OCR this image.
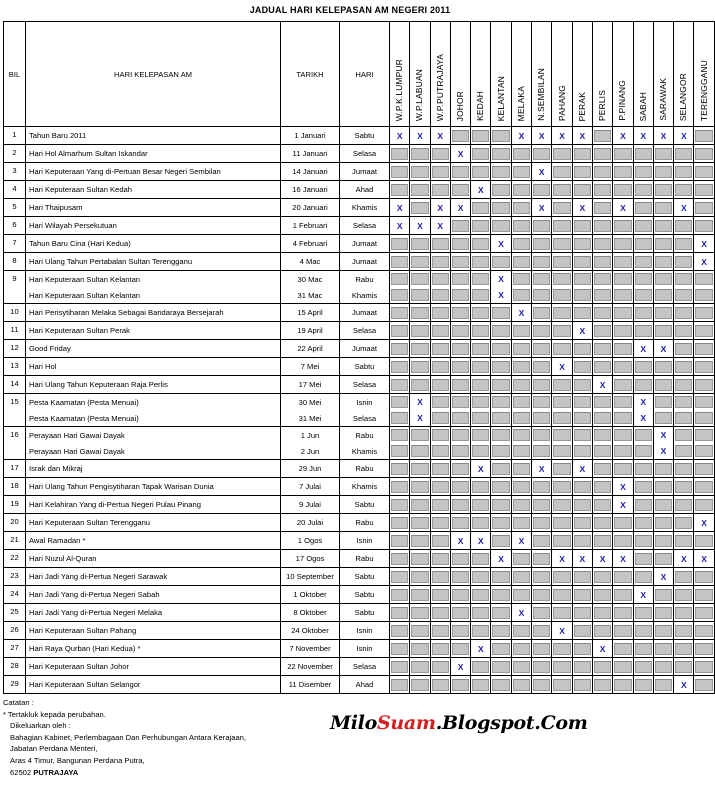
JADUAL HARI KELEPASAN AM NEGERI 2011
BIL	HARI KELEPASAN AM	TARIKH	HARI	W.P.K.LUMPUR	W.P.LABUAN	W.P.PUTRAJAYA	JOHOR	KEDAH	KELANTAN	MELAKA	N.SEMBILAN	PAHANG	PERAK	PERLIS	P.PINANG	SABAH	SARAWAK	SELANGOR	TERENGGANU
1	Tahun Baru 2011	1 Januari	Sabtu	X	X	X				X	X	X	X		X	X	X	X	

2	Hari Hol Almarhum Sultan Iskandar	11 Januari	Selasa				X												

3	Hari Keputeraan Yang di-Pertuan Besar Negeri Sembilan	14 Januari	Jumaat								X								

4	Hari Keputeraan Sultan Kedah	16 Januari	Ahad					X											

5	Hari Thaipusam	20 Januari	Khamis	X		X	X				X		X		X			X	

6	Hari Wilayah Persekutuan	1 Februari	Selasa	X	X	X													

7	Tahun Baru Cina (Hari Kedua)	4 Februari	Jumaat						X										X

8	Hari Ulang Tahun Pertabalan Sultan Terengganu	4 Mac	Jumaat																X

9	Hari Keputeraan Sultan Kelantan	30 Mac	Rabu						X										

	Hari Keputeraan Sultan Kelantan	31 Mac	Khamis						X										

10	Hari Perisytiharan Melaka Sebagai Bandaraya Bersejarah	15 April	Jumaat							X									

11	Hari Keputeraan Sultan Perak	19 April	Selasa										X						

12	Good Friday	22 April	Jumaat													X	X		

13	Hari Hol	7 Mei	Sabtu									X							

14	Hari Ulang Tahun Keputeraan Raja Perlis	17 Mei	Selasa											X					

15	Pesta Kaamatan (Pesta Menuai)	30 Mei	Isnin		X											X			

	Pesta Kaamatan (Pesta Menuai)	31 Mei	Selasa		X											X			

16	Perayaan Hari Gawai Dayak	1 Jun	Rabu														X		

	Perayaan Hari Gawai Dayak	2 Jun	Khamis														X		

17	Israk dan Mikraj	29 Jun	Rabu					X			X		X						

18	Hari Ulang Tahun Pengisytiharan Tapak Warisan Dunia	7 Julai	Khamis												X				

19	Hari Kelahiran Yang di-Pertua Negeri Pulau Pinang	9 Julai	Sabtu												X				

20	Hari Keputeraan Sultan Terengganu	20 Julai	Rabu																X

21	Awal Ramadan *	1 Ogos	Isnin				X	X		X									

22	Hari Nuzul Al-Quran	17 Ogos	Rabu						X			X	X	X	X			X	X

23	Hari Jadi Yang di-Pertua Negeri Sarawak	10 September	Sabtu														X		

24	Hari Jadi Yang di-Pertua Negeri Sabah	1 Oktober	Sabtu													X			

25	Hari Jadi Yang di-Pertua Negeri Melaka	8 Oktober	Sabtu							X									

26	Hari Keputeraan Sultan Pahang	24 Oktober	Isnin									X							

27	Hari Raya Qurban (Hari Kedua) *	7 November	Isnin					X						X					

28	Hari Keputeraan Sultan Johor	22 November	Selasa				X												

29	Hari Keputeraan Sultan Selangor	11 Disember	Ahad															X	

Catatan :
* Tertakluk kepada perubahan.
Dikeluarkan oleh :
Bahagian Kabinet, Perlembagaan Dan Perhubungan Antara Kerajaan,
Jabatan Perdana Menteri,
Aras 4 Timur, Bangunan Perdana Putra,
62502 PUTRAJAYA
MiloSuam.Blogspot.Com
